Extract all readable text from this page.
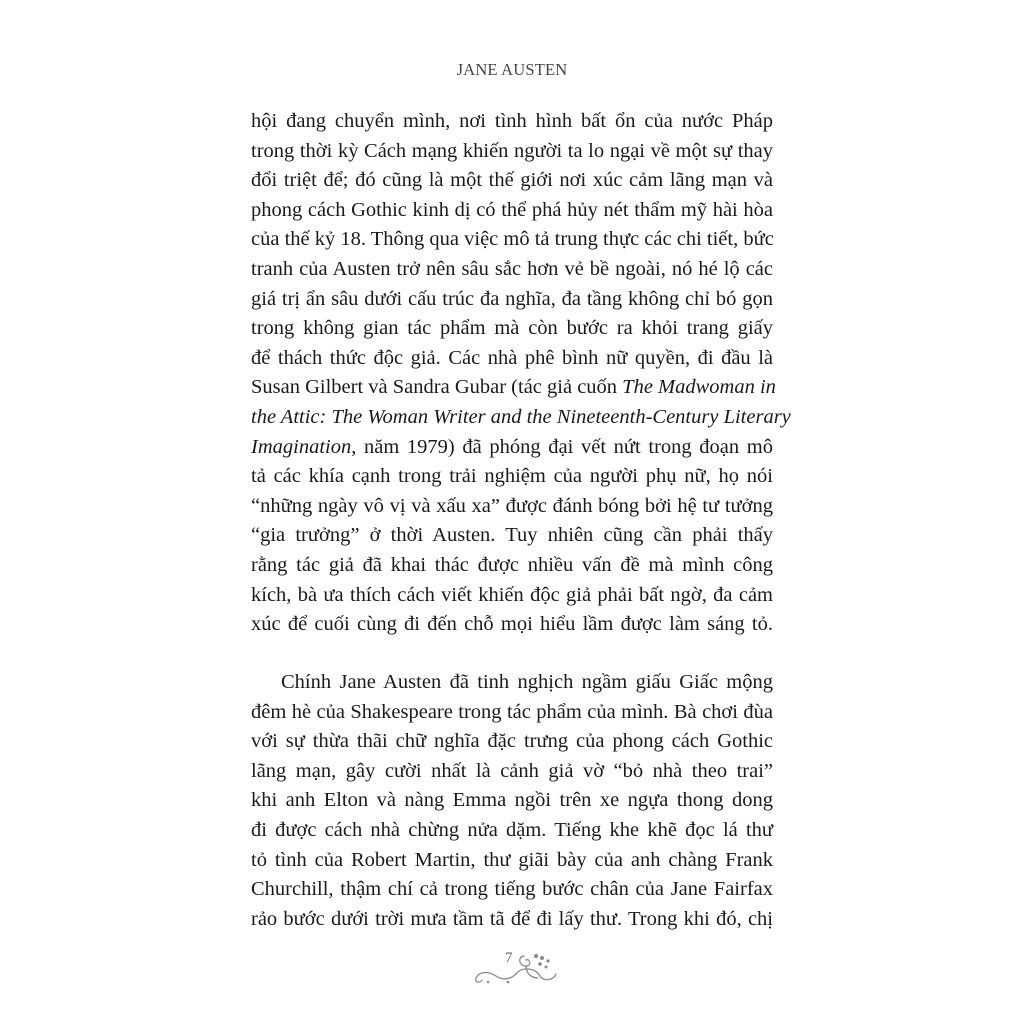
JANE AUSTEN
hội đang chuyển mình, nơi tình hình bất ổn của nước Pháp
trong thời kỳ Cách mạng khiến người ta lo ngại về một sự thay
đổi triệt để; đó cũng là một thế giới nơi xúc cảm lãng mạn và
phong cách Gothic kinh dị có thể phá hủy nét thẩm mỹ hài hòa
của thế kỷ 18. Thông qua việc mô tả trung thực các chi tiết, bức
tranh của Austen trở nên sâu sắc hơn vẻ bề ngoài, nó hé lộ các
giá trị ẩn sâu dưới cấu trúc đa nghĩa, đa tầng không chỉ bó gọn
trong không gian tác phẩm mà còn bước ra khỏi trang giấy
để thách thức độc giả. Các nhà phê bình nữ quyền, đi đầu là
Susan Gilbert và Sandra Gubar (tác giả cuốn The Madwoman in
the Attic: The Woman Writer and the Nineteenth-Century Literary
Imagination, năm 1979) đã phóng đại vết nứt trong đoạn mô
tả các khía cạnh trong trải nghiệm của người phụ nữ, họ nói
“những ngày vô vị và xấu xa” được đánh bóng bởi hệ tư tưởng
“gia trưởng” ở thời Austen. Tuy nhiên cũng cần phải thấy
rằng tác giả đã khai thác được nhiều vấn đề mà mình công
kích, bà ưa thích cách viết khiến độc giả phải bất ngờ, đa cảm
xúc để cuối cùng đi đến chỗ mọi hiểu lầm được làm sáng tỏ.
Chính Jane Austen đã tinh nghịch ngầm giấu Giấc mộng
đêm hè của Shakespeare trong tác phẩm của mình. Bà chơi đùa
với sự thừa thãi chữ nghĩa đặc trưng của phong cách Gothic
lãng mạn, gây cười nhất là cảnh giả vờ “bỏ nhà theo trai”
khi anh Elton và nàng Emma ngồi trên xe ngựa thong dong
đi được cách nhà chừng nửa dặm. Tiếng khe khẽ đọc lá thư
tỏ tình của Robert Martin, thư giãi bày của anh chàng Frank
Churchill, thậm chí cả trong tiếng bước chân của Jane Fairfax
rảo bước dưới trời mưa tầm tã để đi lấy thư. Trong khi đó, chị
7
